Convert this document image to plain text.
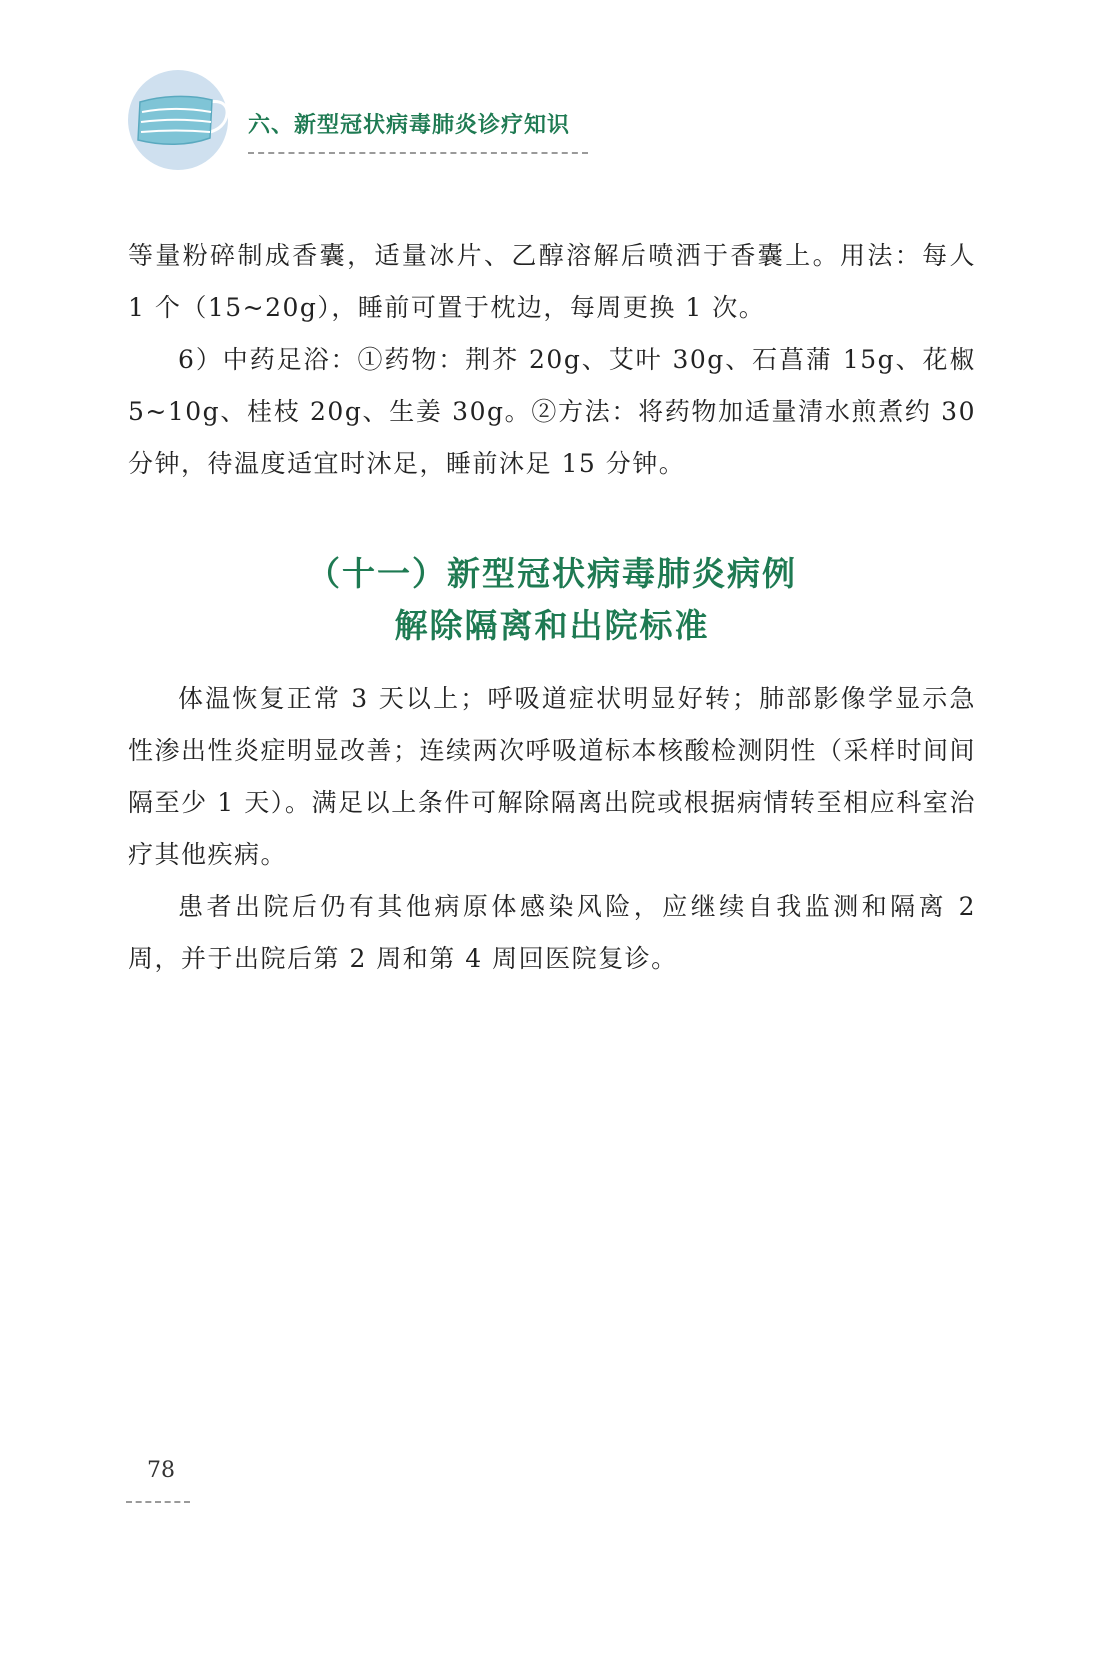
六、新型冠状病毒肺炎诊疗知识

等量粉碎制成香囊，适量冰片、乙醇溶解后喷洒于香囊上。用法：每人 1 个（15~20g），睡前可置于枕边，每周更换 1 次。

6）中药足浴：①药物：荆芥 20g、艾叶 30g、石菖蒲 15g、花椒 5~10g、桂枝 20g、生姜 30g。②方法：将药物加适量清水煎煮约 30 分钟，待温度适宜时沐足，睡前沐足 15 分钟。

（十一）新型冠状病毒肺炎病例
解除隔离和出院标准

体温恢复正常 3 天以上；呼吸道症状明显好转；肺部影像学显示急性渗出性炎症明显改善；连续两次呼吸道标本核酸检测阴性（采样时间间隔至少 1 天）。满足以上条件可解除隔离出院或根据病情转至相应科室治疗其他疾病。

患者出院后仍有其他病原体感染风险，应继续自我监测和隔离 2 周，并于出院后第 2 周和第 4 周回医院复诊。

78
